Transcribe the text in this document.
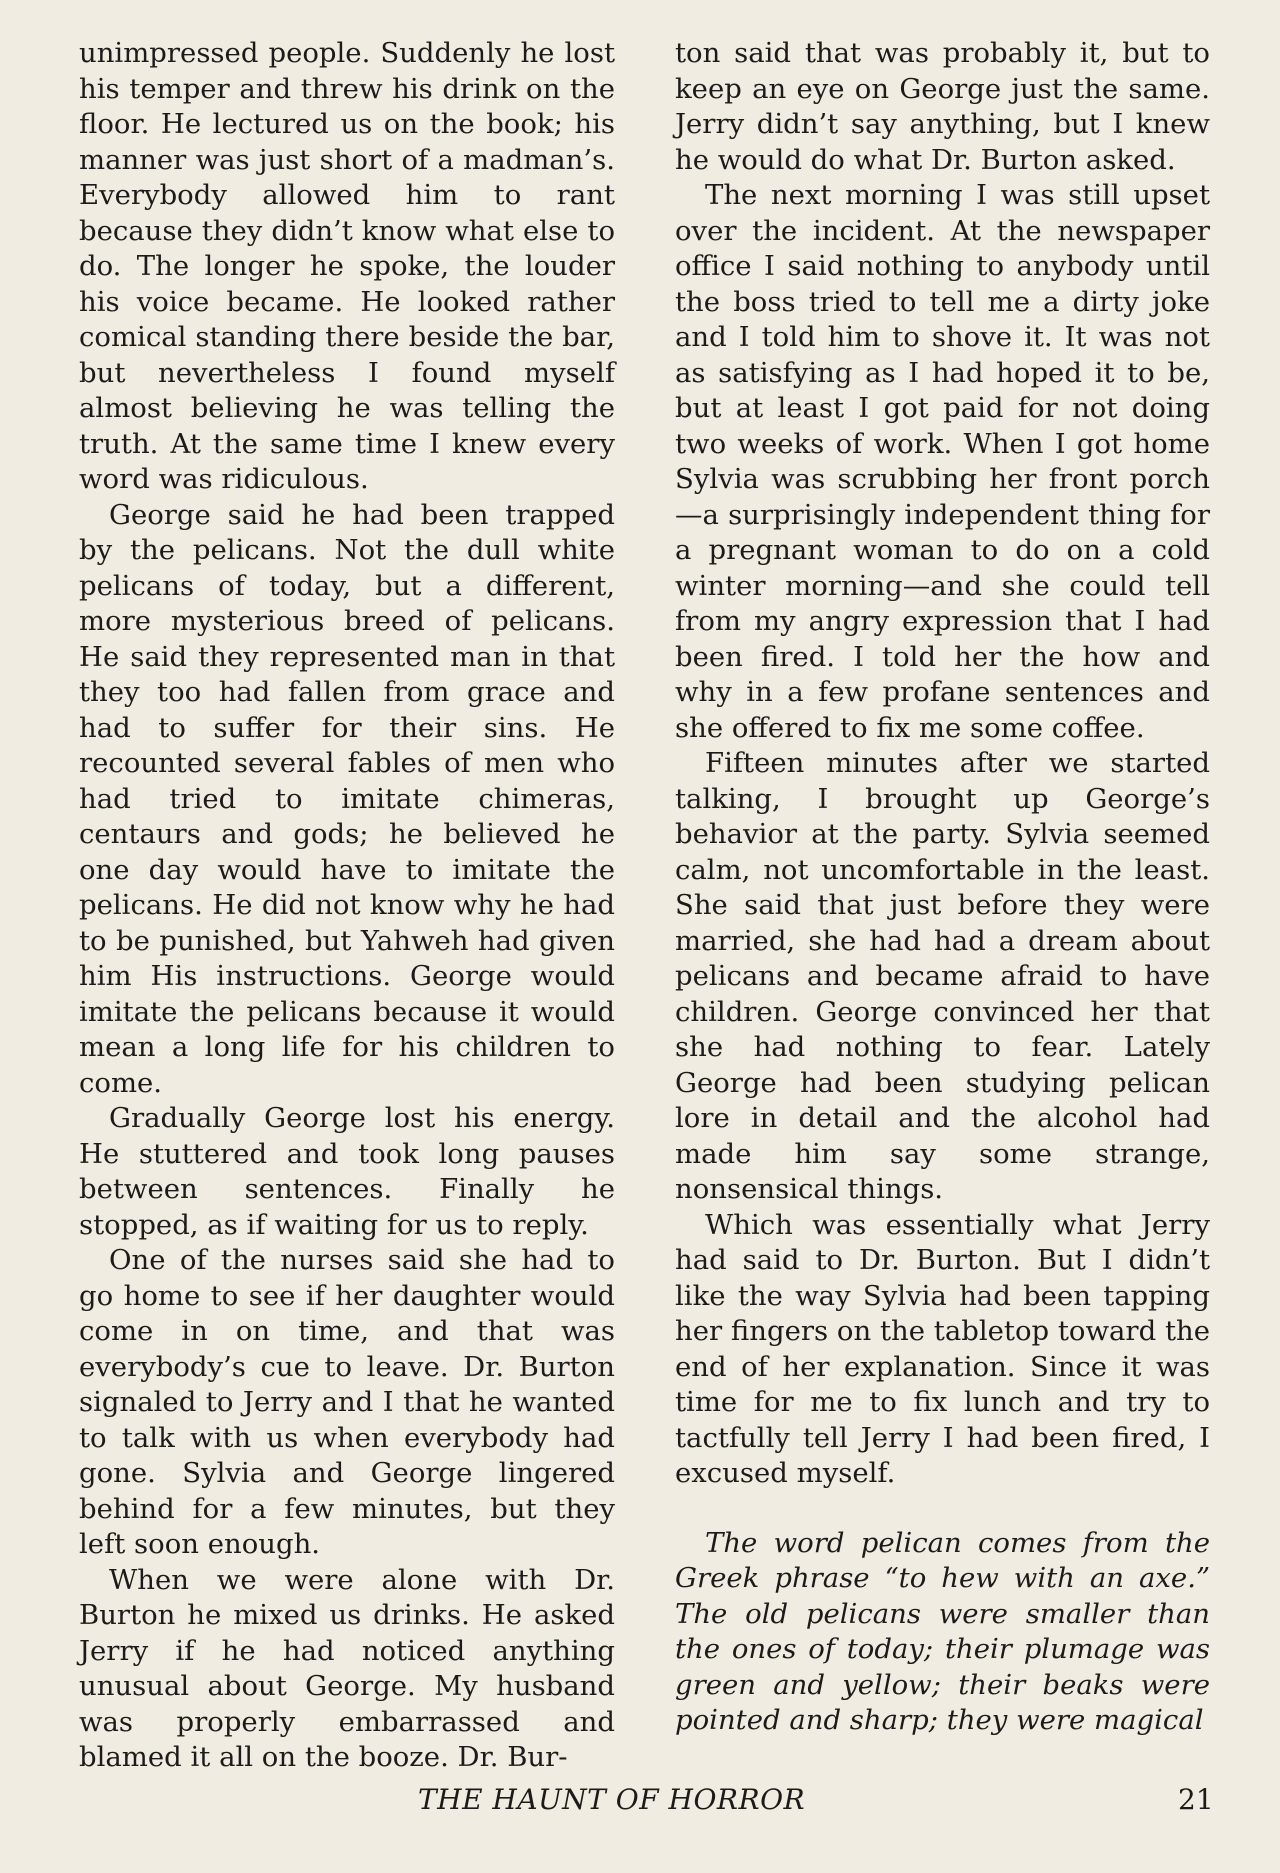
unimpressed people. Suddenly he lost his temper and threw his drink on the floor. He lectured us on the book; his manner was just short of a madman’s. Everybody allowed him to rant because they didn’t know what else to do. The longer he spoke, the louder his voice became. He looked rather comical standing there beside the bar, but nevertheless I found myself almost believing he was telling the truth. At the same time I knew every word was ridiculous.

George said he had been trapped by the pelicans. Not the dull white pelicans of today, but a different, more mysterious breed of pelicans. He said they represented man in that they too had fallen from grace and had to suffer for their sins. He recounted several fables of men who had tried to imitate chimeras, centaurs and gods; he believed he one day would have to imitate the pelicans. He did not know why he had to be punished, but Yahweh had given him His instructions. George would imitate the pelicans because it would mean a long life for his children to come.

Gradually George lost his energy. He stuttered and took long pauses between sentences. Finally he stopped, as if waiting for us to reply.

One of the nurses said she had to go home to see if her daughter would come in on time, and that was everybody’s cue to leave. Dr. Burton signaled to Jerry and I that he wanted to talk with us when everybody had gone. Sylvia and George lingered behind for a few minutes, but they left soon enough.

When we were alone with Dr. Burton he mixed us drinks. He asked Jerry if he had noticed anything unusual about George. My husband was properly embarrassed and blamed it all on the booze. Dr. Bur-

ton said that was probably it, but to keep an eye on George just the same. Jerry didn’t say anything, but I knew he would do what Dr. Burton asked.

The next morning I was still upset over the incident. At the newspaper office I said nothing to anybody until the boss tried to tell me a dirty joke and I told him to shove it. It was not as satisfying as I had hoped it to be, but at least I got paid for not doing two weeks of work. When I got home Sylvia was scrubbing her front porch—a surprisingly independent thing for a pregnant woman to do on a cold winter morning—and she could tell from my angry expression that I had been fired. I told her the how and why in a few profane sentences and she offered to fix me some coffee.

Fifteen minutes after we started talking, I brought up George’s behavior at the party. Sylvia seemed calm, not uncomfortable in the least. She said that just before they were married, she had had a dream about pelicans and became afraid to have children. George convinced her that she had nothing to fear. Lately George had been studying pelican lore in detail and the alcohol had made him say some strange, nonsensical things.

Which was essentially what Jerry had said to Dr. Burton. But I didn’t like the way Sylvia had been tapping her fingers on the tabletop toward the end of her explanation. Since it was time for me to fix lunch and try to tactfully tell Jerry I had been fired, I excused myself.

The word pelican comes from the Greek phrase “to hew with an axe.” The old pelicans were smaller than the ones of today; their plumage was green and yellow; their beaks were pointed and sharp; they were magical

THE HAUNT OF HORROR	21
